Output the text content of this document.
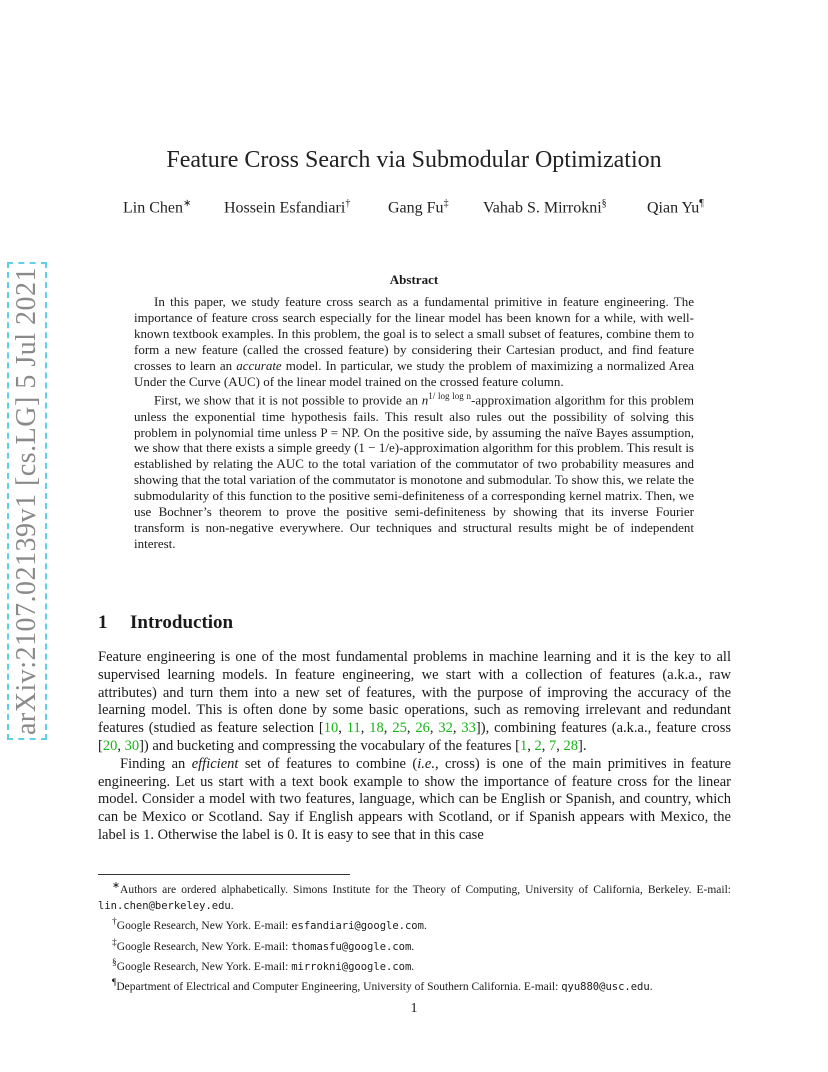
arXiv:2107.02139v1 [cs.LG] 5 Jul 2021
Feature Cross Search via Submodular Optimization
Lin Chen∗ Hossein Esfandiari† Gang Fu‡ Vahab S. Mirrokni§	Qian Yu¶
Abstract

In this paper, we study feature cross search as a fundamental primitive in feature engineering. The importance of feature cross search especially for the linear model has been known for a while, with well-known textbook examples. In this problem, the goal is to select a small subset of features, combine them to form a new feature (called the crossed feature) by considering their Cartesian product, and find feature crosses to learn an accurate model. In particular, we study the problem of maximizing a normalized Area Under the Curve (AUC) of the linear model trained on the crossed feature column.

First, we show that it is not possible to provide an $n^{1/ log log n}$-approximation algorithm for this problem unless the exponential time hypothesis fails. This result also rules out the possibility of solving this problem in polynomial time unless P = NP. On the positive side, by assuming the naïve Bayes assumption, we show that there exists a simple greedy (1 − 1/e)-approximation algorithm for this problem. This result is established by relating the AUC to the total variation of the commutator of two probability measures and showing that the total variation of the commutator is monotone and submodular. To show this, we relate the submodularity of this function to the positive semi-definiteness of a corresponding kernel matrix. Then, we use Bochner’s theorem to prove the positive semi-definiteness by showing that its inverse Fourier transform is non-negative everywhere. Our techniques and structural results might be of independent interest.

1 Introduction

Feature engineering is one of the most fundamental problems in machine learning and it is the key to all supervised learning models. In feature engineering, we start with a collection of features (a.k.a., raw attributes) and turn them into a new set of features, with the purpose of improving the accuracy of the learning model. This is often done by some basic operations, such as removing irrelevant and redundant features (studied as feature selection [10, 11, 18, 25, 26, 32, 33]), combining features (a.k.a., feature cross [20, 30]) and bucketing and compressing the vocabulary of the features [1, 2, 7, 28].

Finding an efficient set of features to combine (i.e., cross) is one of the main primitives in feature engineering. Let us start with a text book example to show the importance of feature cross for the linear model. Consider a model with two features, language, which can be English or Spanish, and country, which can be Mexico or Scotland. Say if English appears with Scotland, or if Spanish appears with Mexico, the label is 1. Otherwise the label is 0. It is easy to see that in this case

∗Authors are ordered alphabetically. Simons Institute for the Theory of Computing, University of California, Berkeley. E-mail: lin.chen@berkeley.edu.

†Google Research, New York. E-mail: esfandiari@google.com.

‡Google Research, New York. E-mail: thomasfu@google.com.

§Google Research, New York. E-mail: mirrokni@google.com.

¶Department of Electrical and Computer Engineering, University of Southern California. E-mail: qyu880@usc.edu.

1
